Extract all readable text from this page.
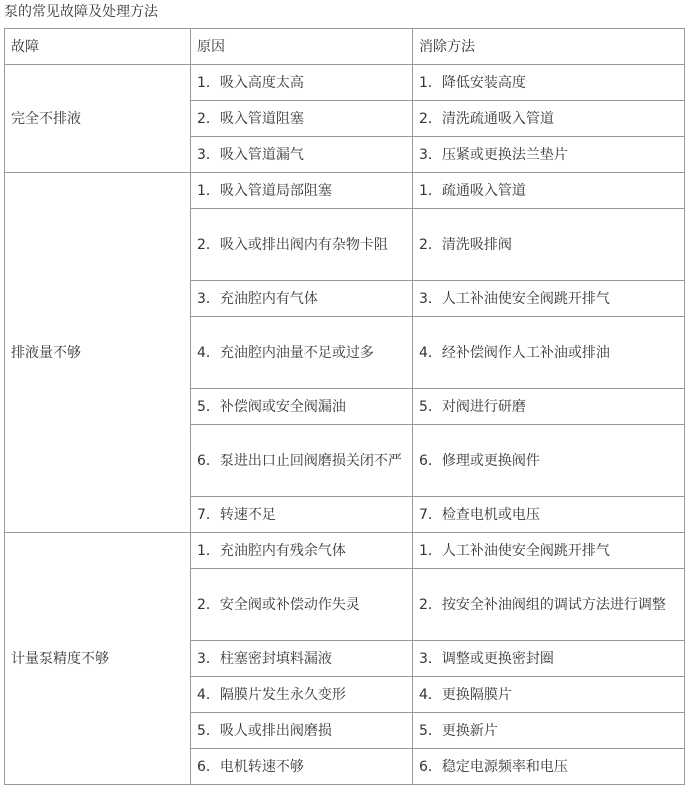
泵的常见故障及处理方法
故障	原因	消除方法
完全不排液	1．吸入高度太高	1．降低安装高度
	2．吸入管道阻塞	2．清洗疏通吸入管道
	3．吸入管道漏气	3．压紧或更换法兰垫片
排液量不够	1．吸入管道局部阻塞	1．疏通吸入管道
	2．吸入或排出阀内有杂物卡阻	2．清洗吸排阀
	3．充油腔内有气体	3．人工补油使安全阀跳开排气
	4．充油腔内油量不足或过多	4．经补偿阀作人工补油或排油
	5．补偿阀或安全阀漏油	5．对阀进行研磨
	6．泵进出口止回阀磨损关闭不严	6．修理或更换阀件
	7．转速不足	7．检查电机或电压
计量泵精度不够	1．充油腔内有残余气体	1．人工补油使安全阀跳开排气
	2．安全阀或补偿动作失灵	2．按安全补油阀组的调试方法进行调整
	3．柱塞密封填料漏液	3．调整或更换密封圈
	4．隔膜片发生永久变形	4．更换隔膜片
	5．吸人或排出阀磨损	5．更换新片
	6．电机转速不够	6．稳定电源频率和电压
